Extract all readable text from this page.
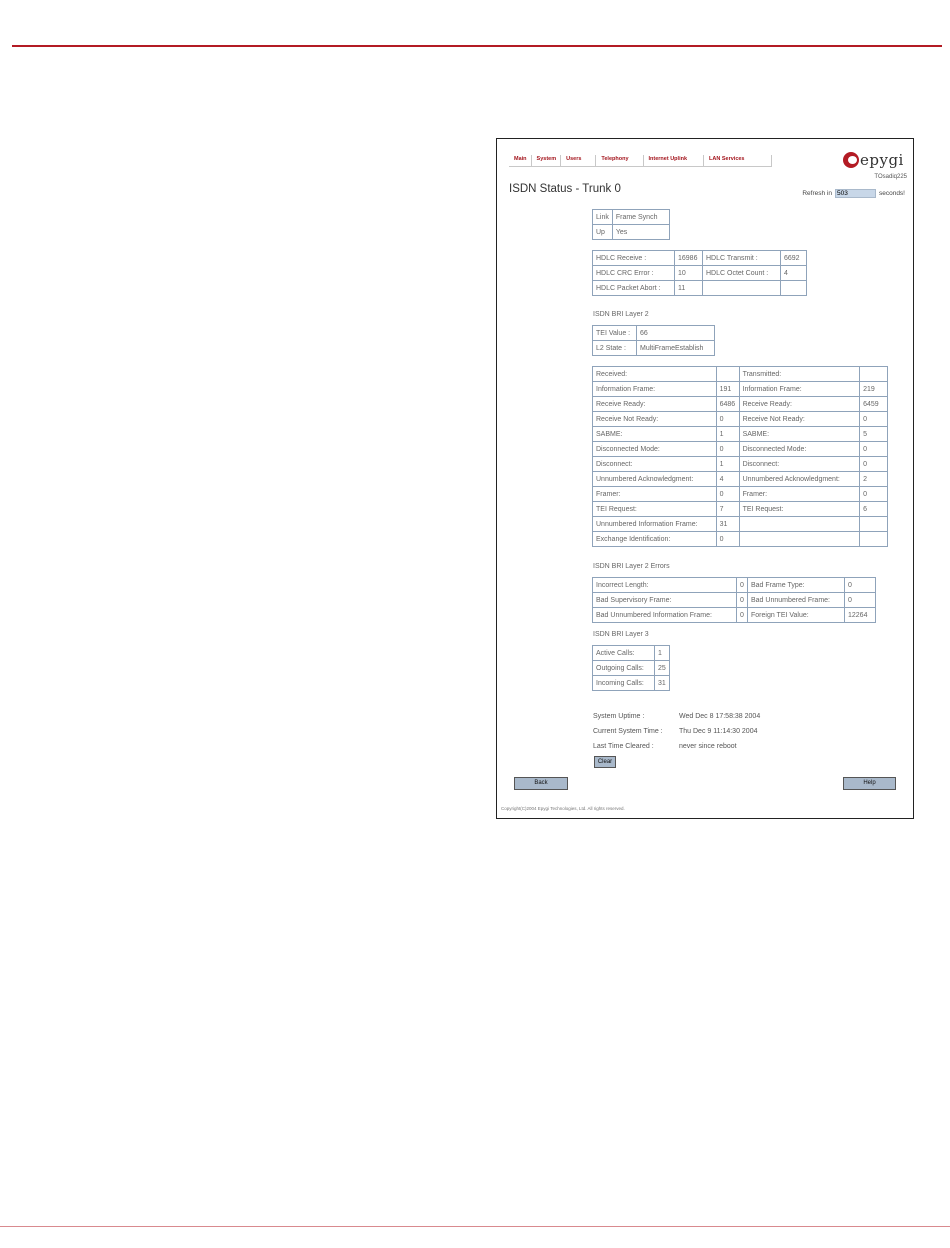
Main	System	Users	Telephony	Internet Uplink	LAN Services	epygi
TOsadiq225
ISDN Status - Trunk 0	Refresh in
503	seconds!
Link	Frame Synch
Up	Yes
HDLC Receive :	16986	HDLC Transmit :	6692
HDLC CRC Error :	10	HDLC Octet Count :	4
HDLC Packet Abort :	11		
ISDN BRI Layer 2
TEI Value :	66
L2 State :	MultiFrameEstablish
Received:		Transmitted:	
Information Frame:	191	Information Frame:	219
Receive Ready:	6486	Receive Ready:	6459
Receive Not Ready:	0	Receive Not Ready:	0
SABME:	1	SABME:	5
Disconnected Mode:	0	Disconnected Mode:	0
Disconnect:	1	Disconnect:	0
Unnumbered Acknowledgment:	4	Unnumbered Acknowledgment:	2
Framer:	0	Framer:	0
TEI Request:	7	TEI Request:	6
Unnumbered Information Frame:	31		
Exchange Identification:	0		
ISDN BRI Layer 2 Errors
Incorrect Length:	0	Bad Frame Type:	0
Bad Supervisory Frame:	0	Bad Unnumbered Frame:	0
Bad Unnumbered Information Frame:	0	Foreign TEI Value:	12264
ISDN BRI Layer 3
Active Calls:	1
Outgoing Calls:	25
Incoming Calls:	31
System Uptime :	Wed Dec 8 17:58:38 2004
Current System Time : Thu Dec 9 11:14:30 2004
Last Time Cleared :	never since reboot
Clear
Back	Help
Copyright(C)2004 Epygi Technologies, Ltd. All rights reserved.
